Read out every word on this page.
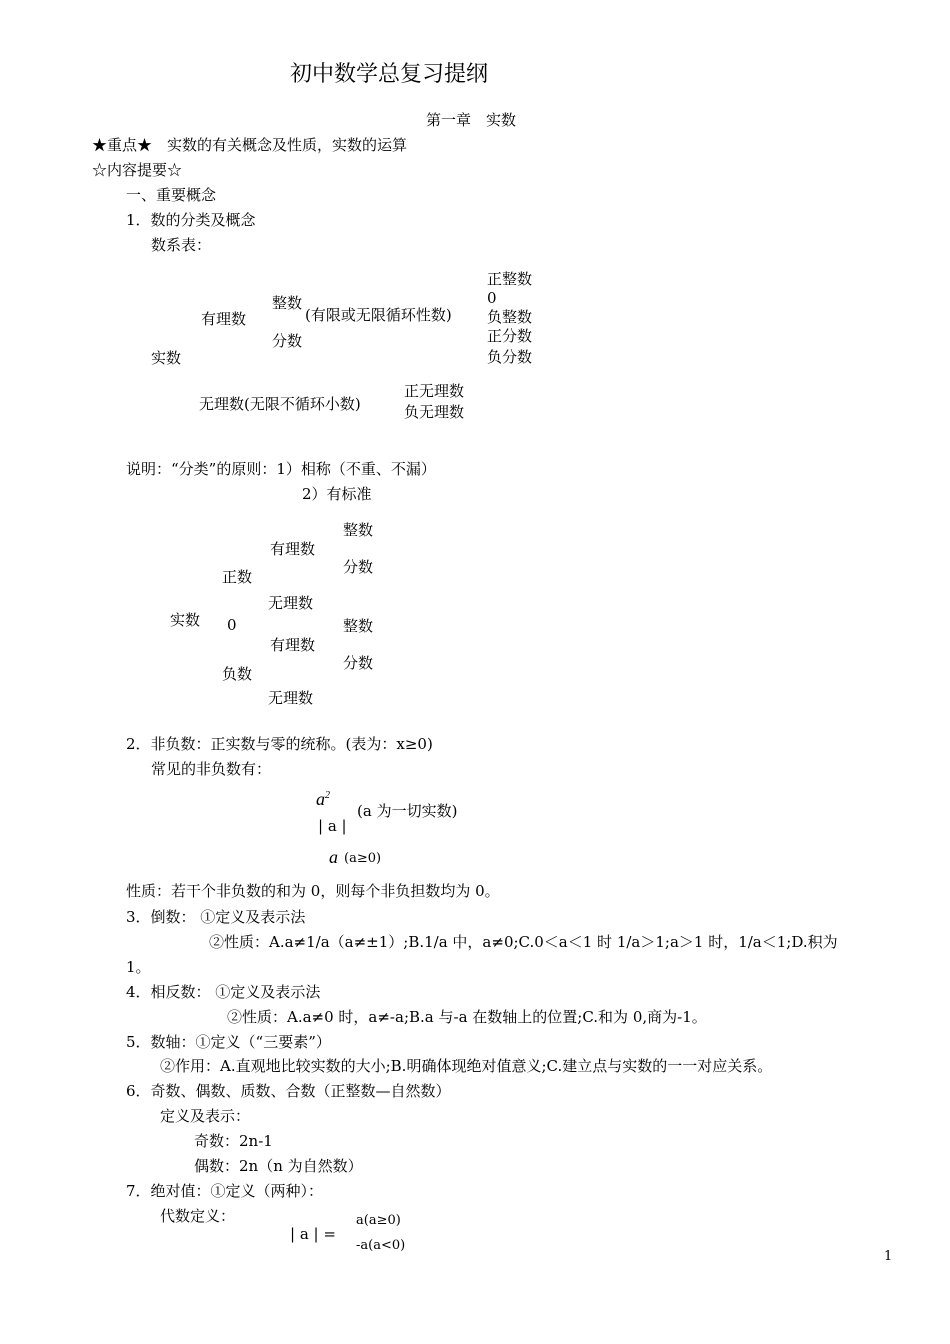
初中数学总复习提纲
第一章　实数
★重点★　实数的有关概念及性质，实数的运算
☆内容提要☆
一、重要概念
1．数的分类及概念
数系表：
实数
有理数
整数
(有限或无限循环性数)
分数
正整数
0
负整数
正分数
负分数
无理数(无限不循环小数)
正无理数
负无理数
说明：“分类”的原则：1）相称（不重、不漏）
2）有标准
实数
正数
0
负数
有理数
无理数
有理数
无理数
整数
分数
整数
分数
2．非负数：正实数与零的统称。(表为：x≥0)
常见的非负数有：
$a^2$
| a |
(a 为一切实数)
a (a≥0)
性质：若干个非负数的和为 0，则每个非负担数均为 0。
3．倒数： ①定义及表示法
②性质：A.a≠1/a（a≠±1）;B.1/a 中，a≠0;C.0＜a＜1 时 1/a＞1;a＞1 时，1/a＜1;D.积为
1。
4．相反数： ①定义及表示法
②性质：A.a≠0 时，a≠-a;B.a 与-a 在数轴上的位置;C.和为 0,商为-1。
5．数轴：①定义（“三要素”）
②作用：A.直观地比较实数的大小;B.明确体现绝对值意义;C.建立点与实数的一一对应关系。
6．奇数、偶数、质数、合数（正整数—自然数）
定义及表示：
奇数：2n-1
偶数：2n（n 为自然数）
7．绝对值：①定义（两种）：
代数定义：
| a | =
a(a≥0)
-a(a<0)
1
